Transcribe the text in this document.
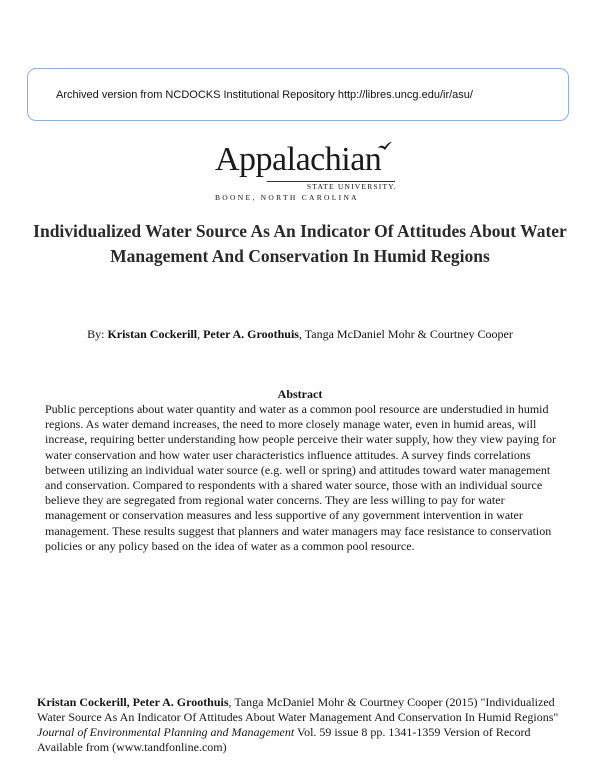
Archived version from NCDOCKS Institutional Repository http://libres.uncg.edu/ir/asu/
Appalachian
STATE UNIVERSITY.
BOONE, NORTH CAROLINA
Individualized Water Source As An Indicator Of Attitudes About Water Management And Conservation In Humid Regions
By: Kristan Cockerill, Peter A. Groothuis, Tanga McDaniel Mohr & Courtney Cooper
Abstract
Public perceptions about water quantity and water as a common pool resource are understudied in humid regions. As water demand increases, the need to more closely manage water, even in humid areas, will increase, requiring better understanding how people perceive their water supply, how they view paying for water conservation and how water user characteristics influence attitudes. A survey finds correlations between utilizing an individual water source (e.g. well or spring) and attitudes toward water management and conservation. Compared to respondents with a shared water source, those with an individual source believe they are segregated from regional water concerns. They are less willing to pay for water management or conservation measures and less supportive of any government intervention in water management. These results suggest that planners and water managers may face resistance to conservation policies or any policy based on the idea of water as a common pool resource.
Kristan Cockerill, Peter A. Groothuis, Tanga McDaniel Mohr & Courtney Cooper (2015) "Individualized Water Source As An Indicator Of Attitudes About Water Management And Conservation In Humid Regions" Journal of Environmental Planning and Management Vol. 59 issue 8 pp. 1341-1359 Version of Record Available from (www.tandfonline.com)
